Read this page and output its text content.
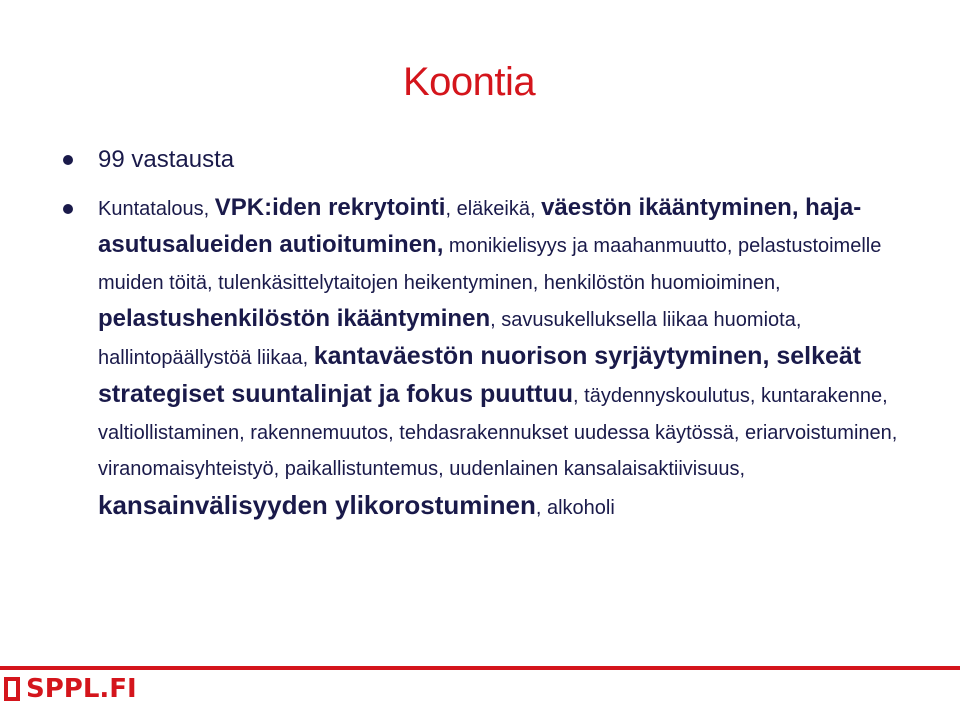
Koontia
99 vastausta
Kuntatalous, VPK:iden rekrytointi, eläkeikä, väestön ikääntyminen, haja-asutusalueiden autioituminen, monikielisyys ja maahanmuutto, pelastustoimelle muiden töitä, tulenkäsittelytaitojen heikentyminen, henkilöstön huomioiminen, pelastushenkilöstön ikääntyminen, savusukelluksella liikaa huomiota, hallintopäällystöä liikaa, kantaväestön nuorison syrjäytyminen, selkeät strategiset suuntalinjat ja fokus puuttuu, täydennyskoulutus, kuntarakenne, valtiollistaminen, rakennemuutos, tehdasrakennukset uudessa käytössä, eriarvoistuminen, viranomaisyhteistyö, paikallistuntemus, uudenlainen kansalaisaktiivisuus, kansainvälisyyden ylikorostuminen, alkoholi
SPPL.FI
